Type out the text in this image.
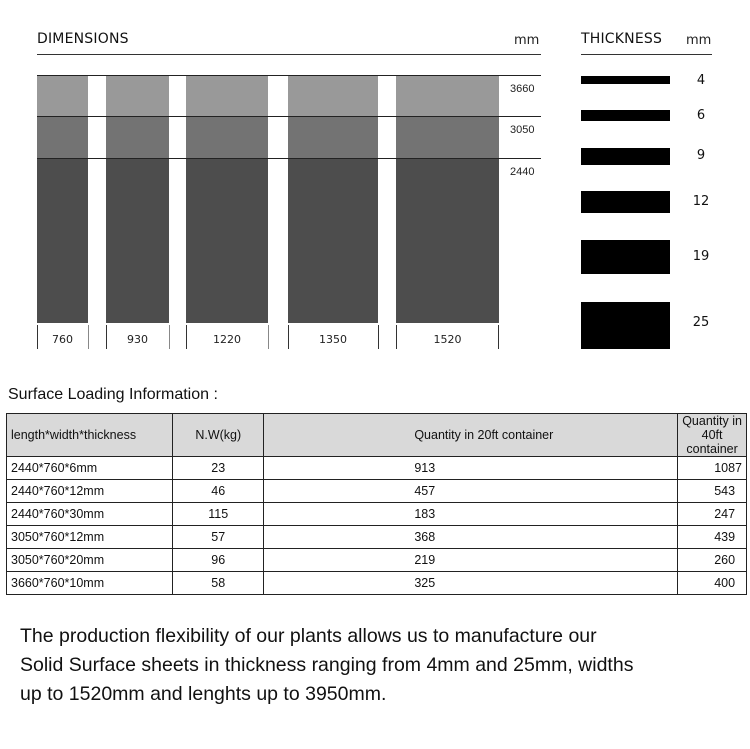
DIMENSIONS	mm
3660
3050
2440
760	930	1220	1350	1520
THICKNESS mm
4
6
9
12
19
25
Surface Loading Information :
length*width*thickness	N.W(kg)	Quantity in 20ft container	Quantity in 40ft container
2440*760*6mm	23	913	1087
2440*760*12mm	46	457	543
2440*760*30mm	115	183	247
3050*760*12mm	57	368	439
3050*760*20mm	96	219	260
3660*760*10mm	58	325	400
The production flexibility of our plants allows us to manufacture our
Solid Surface sheets in thickness ranging from 4mm and 25mm, widths
up to 1520mm and lenghts up to 3950mm.
